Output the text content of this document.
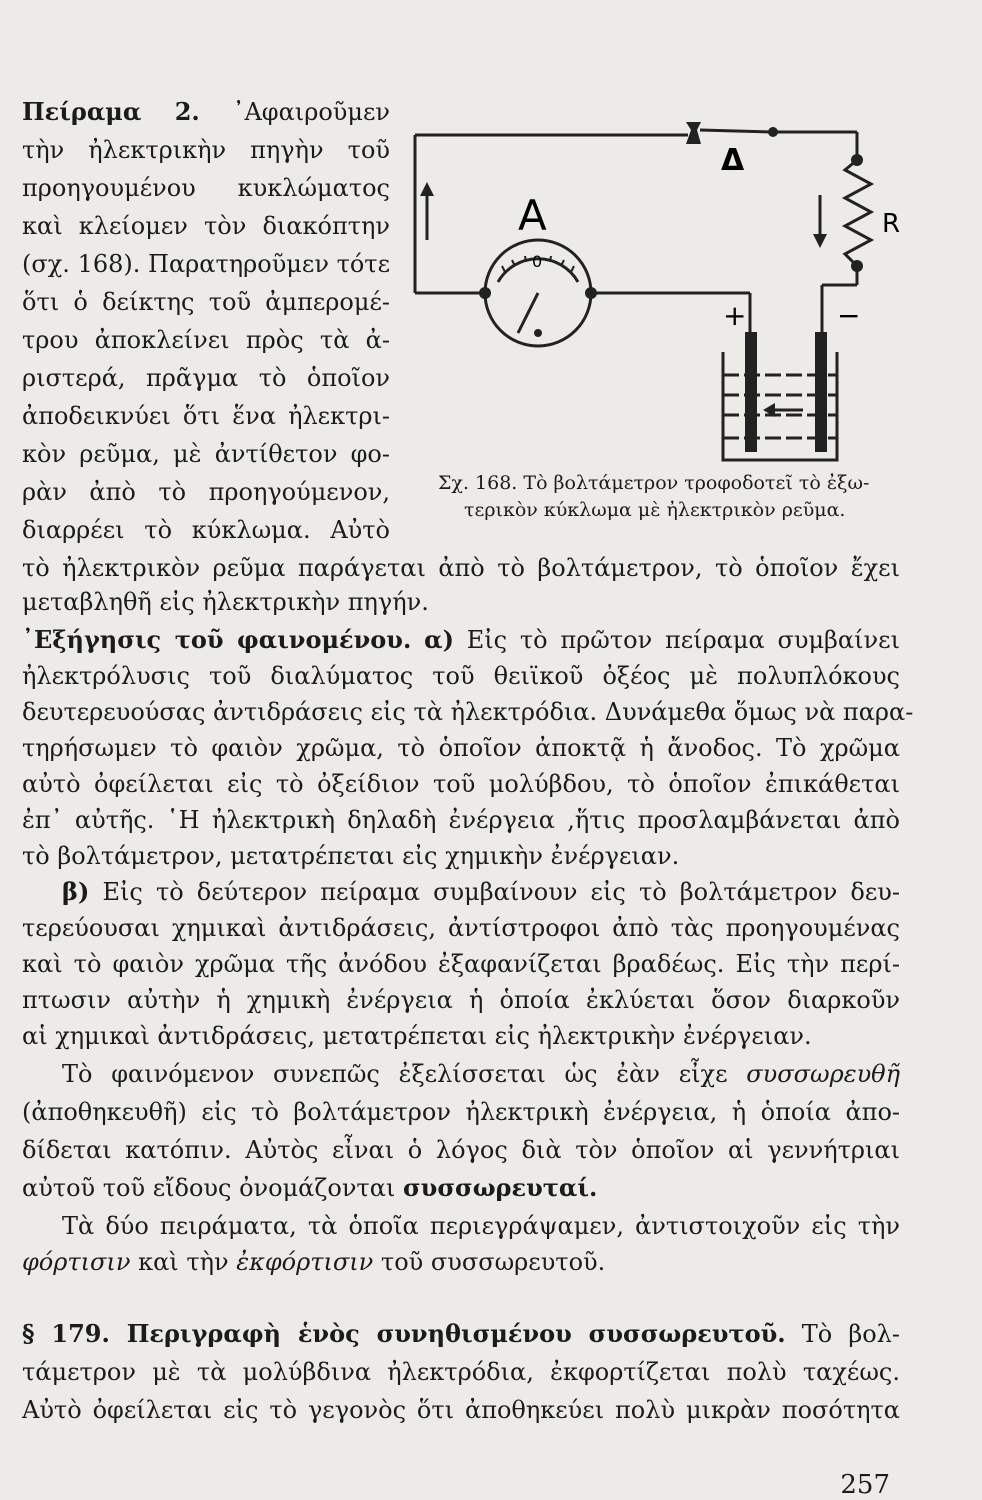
Πείραμα 2. ᾿Αφαιροῦμεν
τὴν ἠλεκτρικὴν πηγὴν τοῦ
προηγουμένου κυκλώματος
καὶ κλείομεν τὸν διακόπτην
(σχ. 168). Παρατηροῦμεν τότε
ὅτι ὁ δείκτης τοῦ ἀμπερομέ-
τρου ἀποκλείνει πρὸς τὰ ἀ-
ριστερά, πρᾶγμα τὸ ὁποῖον
ἀποδεικνύει ὅτι ἕνα ἠλεκτρι-
κὸν ρεῦμα, μὲ ἀντίθετον φο-
ρὰν ἀπὸ τὸ προηγούμενον,
διαρρέει τὸ κύκλωμα. Αὐτὸ
Δ
A
0
R
+	−
Σχ. 168. Τὸ βολτάμετρον τροφοδοτεῖ τὸ ἐξω-
τερικὸν κύκλωμα μὲ ἠλεκτρικὸν ρεῦμα.
τὸ ἠλεκτρικὸν ρεῦμα παράγεται ἀπὸ τὸ βολτάμετρον, τὸ ὁποῖον ἔχει
μεταβληθῆ εἰς ἠλεκτρικὴν πηγήν.
᾿Εξήγησις τοῦ φαινομένου. α) Εἰς τὸ πρῶτον πείραμα συμβαίνει
ἠλεκτρόλυσις τοῦ διαλύματος τοῦ θειϊκοῦ ὀξέος μὲ πολυπλόκους
δευτερευούσας ἀντιδράσεις εἰς τὰ ἠλεκτρόδια. Δυνάμεθα ὅμως νὰ παρα-
τηρήσωμεν τὸ φαιὸν χρῶμα, τὸ ὁποῖον ἀποκτᾷ ἡ ἄνοδος. Τὸ χρῶμα
αὐτὸ ὀφείλεται εἰς τὸ ὀξείδιον τοῦ μολύβδου, τὸ ὁποῖον ἐπικάθεται
ἐπ᾿ αὐτῆς. ῾Η ἠλεκτρικὴ δηλαδὴ ἐνέργεια ,ἥτις προσλαμβάνεται ἀπὸ
τὸ βολτάμετρον, μετατρέπεται εἰς χημικὴν ἐνέργειαν.
β) Εἰς τὸ δεύτερον πείραμα συμβαίνουν εἰς τὸ βολτάμετρον δευ-
τερεύουσαι χημικαὶ ἀντιδράσεις, ἀντίστροφοι ἀπὸ τὰς προηγουμένας
καὶ τὸ φαιὸν χρῶμα τῆς ἀνόδου ἐξαφανίζεται βραδέως. Εἰς τὴν περί-
πτωσιν αὐτὴν ἡ χημικὴ ἐνέργεια ἡ ὁποία ἐκλύεται ὅσον διαρκοῦν
αἱ χημικαὶ ἀντιδράσεις, μετατρέπεται εἰς ἠλεκτρικὴν ἐνέργειαν.
Τὸ φαινόμενον συνεπῶς ἐξελίσσεται ὡς ἐὰν εἶχε συσσωρευθῆ
(ἀποθηκευθῆ) εἰς τὸ βολτάμετρον ἠλεκτρικὴ ἐνέργεια, ἡ ὁποία ἀπο-
δίδεται κατόπιν. Αὐτὸς εἶναι ὁ λόγος διὰ τὸν ὁποῖον αἱ γεννήτριαι
αὐτοῦ τοῦ εἴδους ὀνομάζονται συσσωρευταί.
Τὰ δύο πειράματα, τὰ ὁποῖα περιεγράψαμεν, ἀντιστοιχοῦν εἰς τὴν
φόρτισιν καὶ τὴν ἐκφόρτισιν τοῦ συσσωρευτοῦ.
§ 179. Περιγραφὴ ἑνὸς συνηθισμένου συσσωρευτοῦ. Τὸ βολ-
τάμετρον μὲ τὰ μολύβδινα ἠλεκτρόδια, ἐκφορτίζεται πολὺ ταχέως.
Αὐτὸ ὀφείλεται εἰς τὸ γεγονὸς ὅτι ἀποθηκεύει πολὺ μικρὰν ποσότητα
257
